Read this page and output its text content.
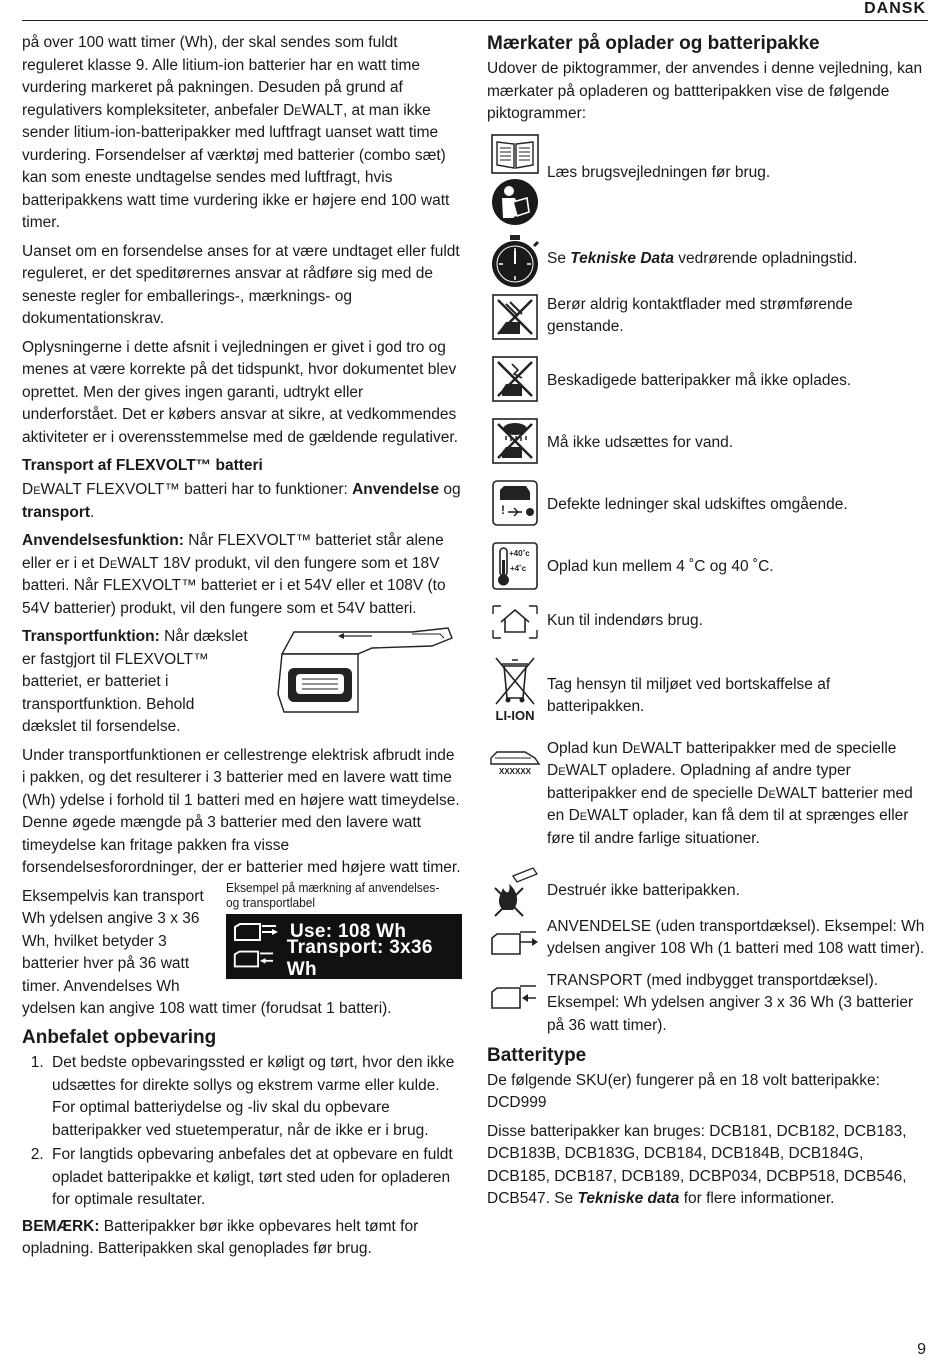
DANSK

på over 100 watt timer (Wh), der skal sendes som fuldt reguleret klasse 9. Alle litium-ion batterier har en watt time vurdering markeret på pakningen. Desuden på grund af regulativers kompleksiteter, anbefaler DeWALT, at man ikke sender litium-ion-batteripakker med luftfragt uanset watt time vurdering. Forsendelser af værktøj med batterier (combo sæt) kan som eneste undtagelse sendes med luftfragt, hvis batteripakkens watt time vurdering ikke er højere end 100 watt timer.

Uanset om en forsendelse anses for at være undtaget eller fuldt reguleret, er det speditørernes ansvar at rådføre sig med de seneste regler for emballerings-, mærknings- og dokumentationskrav.

Oplysningerne i dette afsnit i vejledningen er givet i god tro og menes at være korrekte på det tidspunkt, hvor dokumentet blev oprettet. Men der gives ingen garanti, udtrykt eller underforstået. Det er købers ansvar at sikre, at vedkommendes aktiviteter er i overensstemmelse med de gældende regulativer.

Transport af FLEXVOLT™ batteri

DeWALT FLEXVOLT™ batteri har to funktioner: Anvendelse og transport.

Anvendelsesfunktion: Når FLEXVOLT™ batteriet står alene eller er i et DeWALT 18V produkt, vil den fungere som et 18V batteri. Når FLEXVOLT™ batteriet er i et 54V eller et 108V (to 54V batterier) produkt, vil den fungere som et 54V batteri.

Transportfunktion: Når dækslet er fastgjort til FLEXVOLT™ batteriet, er batteriet i transportfunktion. Behold dækslet til forsendelse.

Under transportfunktionen er cellestrenge elektrisk afbrudt inde i pakken, og det resulterer i 3 batterier med en lavere watt time (Wh) ydelse i forhold til 1 batteri med en højere watt timeydelse. Denne øgede mængde på 3 batterier med den lavere watt timeydelse kan fritage pakken fra visse forsendelsesforordninger, der er batterier med højere watt timer.

Eksempelvis kan transport Wh ydelsen angive 3 x 36 Wh, hvilket betyder 3 batterier hver på 36 watt timer. Anvendelses Wh

Eksempel på mærkning af anvendelses- og transportlabel
Use: 108 Wh
Transport: 3x36 Wh

ydelsen kan angive 108 watt timer (forudsat 1 batteri).

Anbefalet opbevaring
1. Det bedste opbevaringssted er køligt og tørt, hvor den ikke udsættes for direkte sollys og ekstrem varme eller kulde. For optimal batteriydelse og -liv skal du opbevare batteripakker ved stuetemperatur, når de ikke er i brug.
2. For langtids opbevaring anbefales det at opbevare en fuldt opladet batteripakke et køligt, tørt sted uden for opladeren for optimale resultater.

BEMÆRK: Batteripakker bør ikke opbevares helt tømt for opladning. Batteripakken skal genoplades før brug.

Mærkater på oplader og batteripakke

Udover de piktogrammer, der anvendes i denne vejledning, kan mærkater på opladeren og battteripakken vise de følgende piktogrammer:

Læs brugsvejledningen før brug.
Se Tekniske Data vedrørende opladningstid.
Berør aldrig kontaktflader med strømførende genstande.
Beskadigede batteripakker må ikke oplades.
Må ikke udsættes for vand.
!	Defekte ledninger skal udskiftes omgående.
+40˚c
+4˚c Oplad kun mellem 4 ˚C og 40 ˚C.
Kun til indendørs brug.
LI-ION
Tag hensyn til miljøet ved bortskaffelse af batteripakken.
XXXXXX
Oplad kun DeWALT batteripakker med de specielle DeWALT opladere. Opladning af andre typer batteripakker end de specielle DeWALT batterier med en DeWALT oplader, kan få dem til at sprænges eller føre til andre farlige situationer.
Destruér ikke batteripakken.
ANVENDELSE (uden transportdæksel). Eksempel: Wh ydelsen angiver 108 Wh (1 batteri med 108 watt timer).
TRANSPORT (med indbygget transportdæksel). Eksempel: Wh ydelsen angiver 3 x 36 Wh (3 batterier på 36 watt timer).
Batteritype

De følgende SKU(er) fungerer på en 18 volt batteripakke: DCD999

Disse batteripakker kan bruges: DCB181, DCB182, DCB183, DCB183B, DCB183G, DCB184, DCB184B, DCB184G, DCB185, DCB187, DCB189, DCBP034, DCBP518, DCB546, DCB547. Se Tekniske data for flere informationer.

9
